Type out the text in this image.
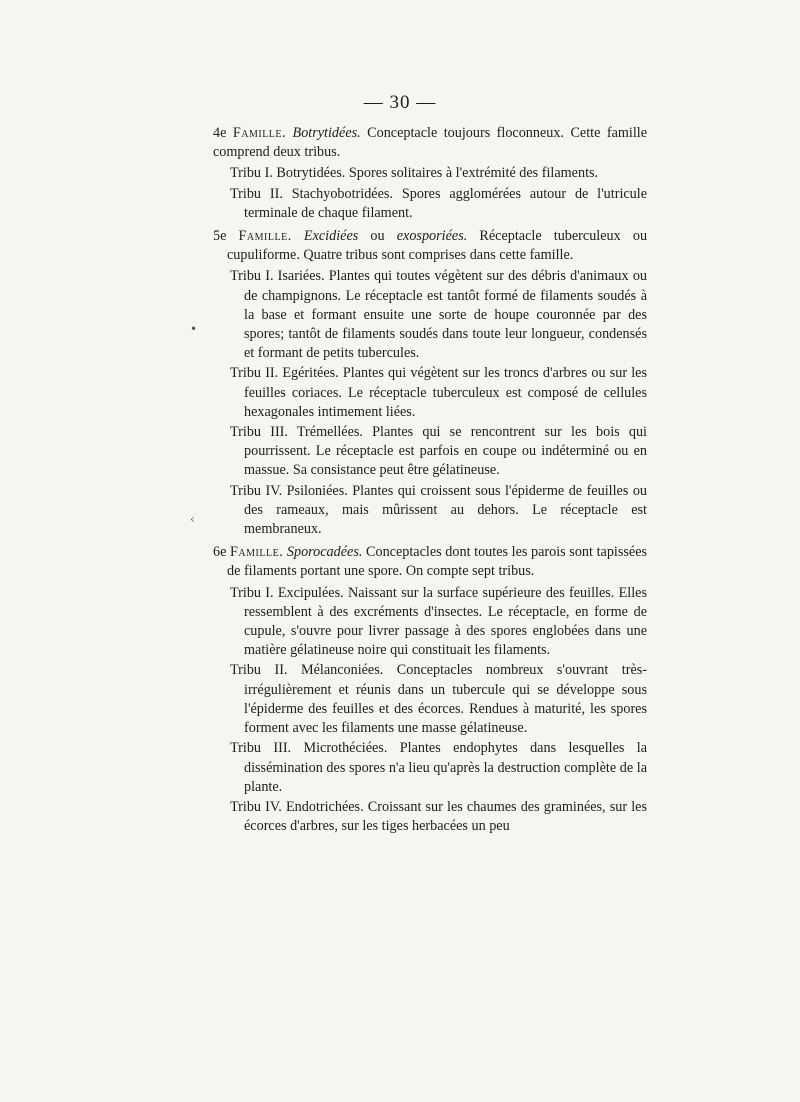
— 30 —
•
‹

4e Famille. Botrytidées. Conceptacle toujours floconneux. Cette famille comprend deux tribus.

Tribu I. Botrytidées. Spores solitaires à l'extrémité des filaments.

Tribu II. Stachyobotridées. Spores agglomérées autour de l'utricule terminale de chaque filament.

5e Famille. Excidiées ou exosporiées. Réceptacle tuberculeux ou cupuliforme. Quatre tribus sont comprises dans cette famille.

Tribu I. Isariées. Plantes qui toutes végètent sur des débris d'animaux ou de champignons. Le réceptacle est tantôt formé de filaments soudés à la base et formant ensuite une sorte de houpe couronnée par des spores; tantôt de filaments soudés dans toute leur longueur, condensés et formant de petits tubercules.

Tribu II. Egéritées. Plantes qui végètent sur les troncs d'arbres ou sur les feuilles coriaces. Le réceptacle tuberculeux est composé de cellules hexagonales intimement liées.

Tribu III. Trémellées. Plantes qui se rencontrent sur les bois qui pourrissent. Le réceptacle est parfois en coupe ou indéterminé ou en massue. Sa consistance peut être gélatineuse.

Tribu IV. Psiloniées. Plantes qui croissent sous l'épiderme de feuilles ou des rameaux, mais mûrissent au dehors. Le réceptacle est membraneux.

6e Famille. Sporocadées. Conceptacles dont toutes les parois sont tapissées de filaments portant une spore. On compte sept tribus.

Tribu I. Excipulées. Naissant sur la surface supérieure des feuilles. Elles ressemblent à des excréments d'insectes. Le réceptacle, en forme de cupule, s'ouvre pour livrer passage à des spores englobées dans une matière gélatineuse noire qui constituait les filaments.

Tribu II. Mélanconiées. Conceptacles nombreux s'ouvrant très-irrégulièrement et réunis dans un tubercule qui se développe sous l'épiderme des feuilles et des écorces. Rendues à maturité, les spores forment avec les filaments une masse gélatineuse.

Tribu III. Microthéciées. Plantes endophytes dans lesquelles la dissémination des spores n'a lieu qu'après la destruction complète de la plante.

Tribu IV. Endotrichées. Croissant sur les chaumes des graminées, sur les écorces d'arbres, sur les tiges herbacées un peu
